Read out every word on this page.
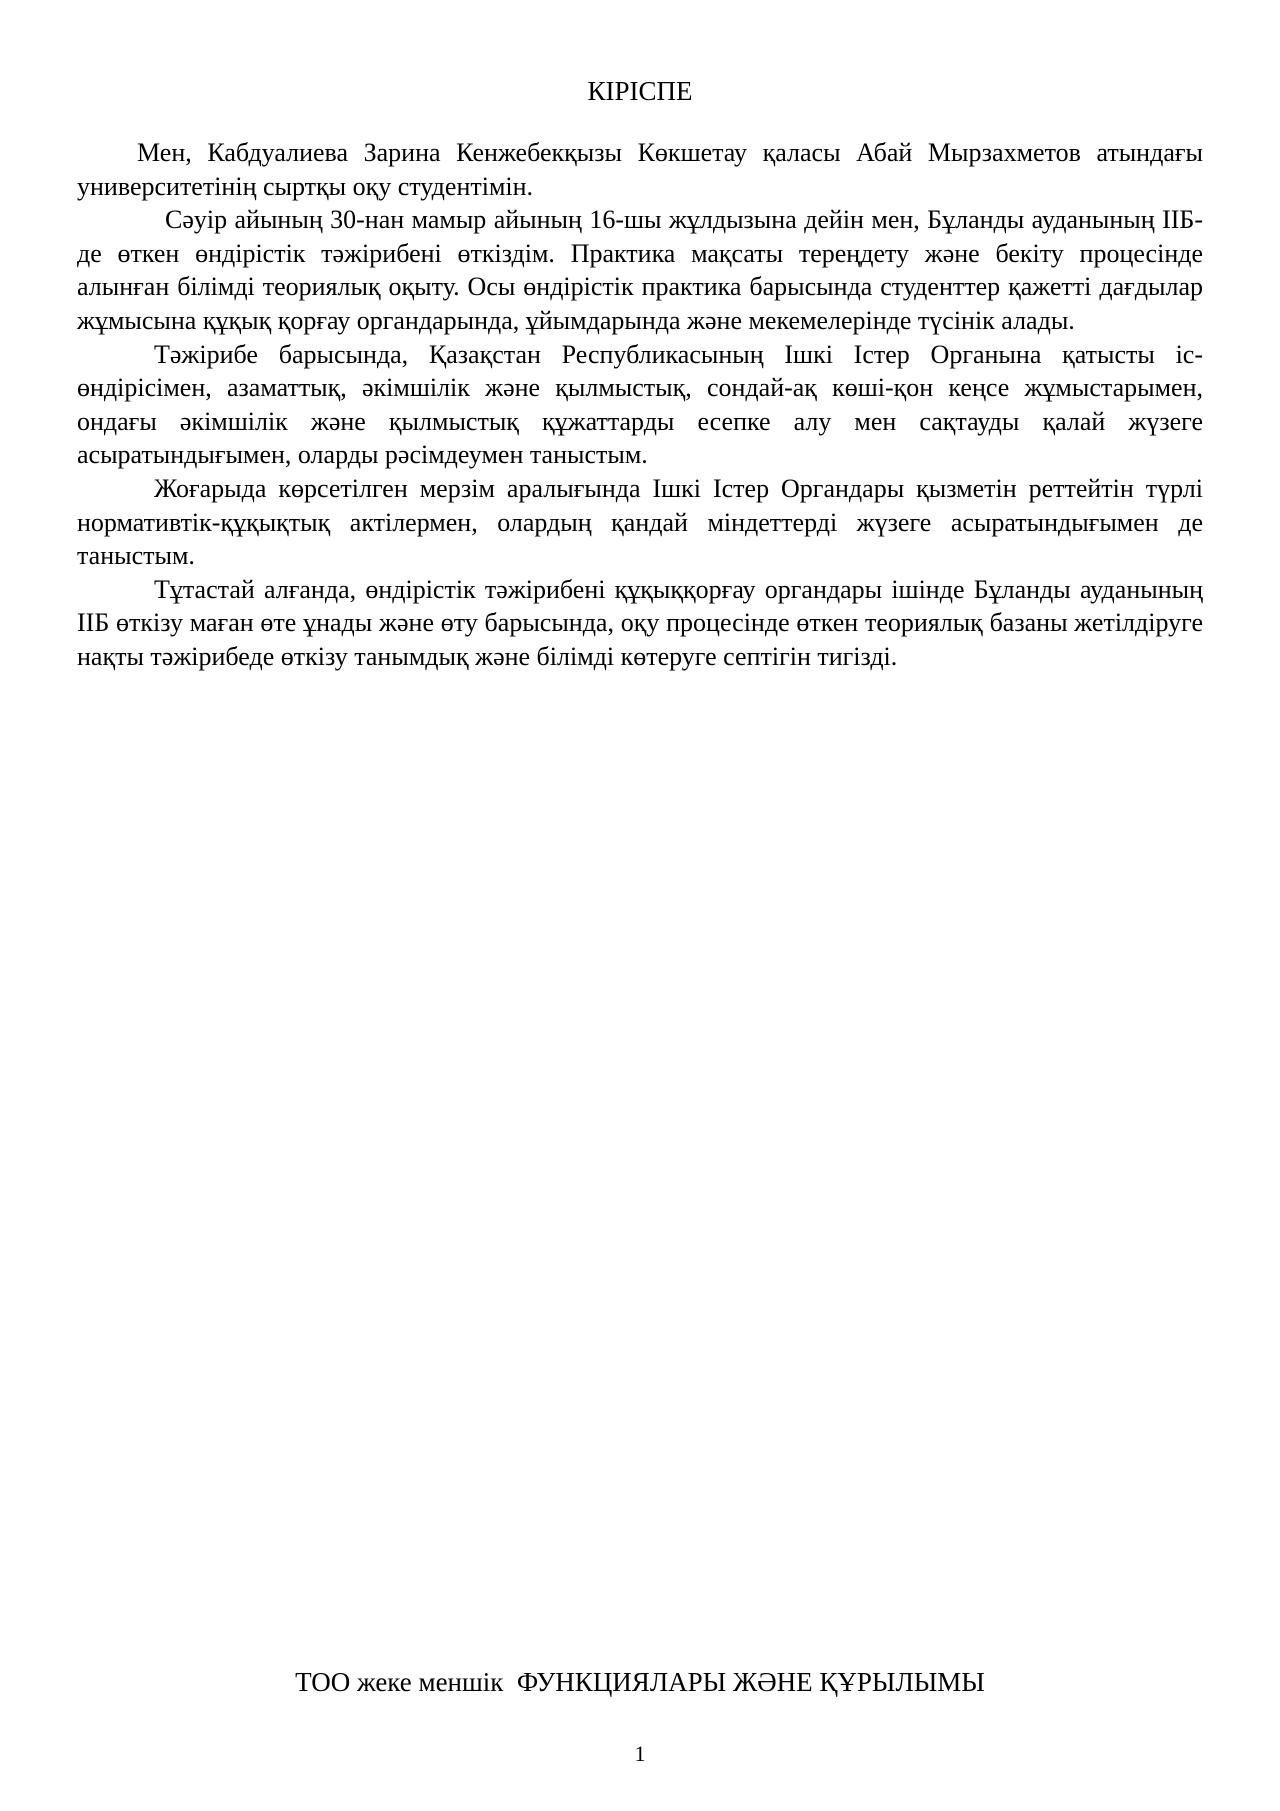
КІРІСПЕ

Мен, Кабдуалиева Зарина Кенжебекқызы Көкшетау қаласы Абай Мырзахметов атындағы университетінің сыртқы оқу студентімін.

Сәуір айының 30-нан мамыр айының 16-шы жұлдызына дейін мен, Бұланды ауданының ІІБ-де өткен өндірістік тәжірибені өткіздім. Практика мақсаты тереңдету және бекіту процесінде алынған білімді теориялық оқыту. Осы өндірістік практика барысында студенттер қажетті дағдылар жұмысына құқық қорғау органдарында, ұйымдарында және мекемелерінде түсінік алады.

Тәжірибе барысында, Қазақстан Республикасының Ішкі Істер Органына қатысты іс-өндірісімен, азаматтық, әкімшілік және қылмыстық, сондай-ақ көші-қон кеңсе жұмыстарымен, ондағы әкімшілік және қылмыстық құжаттарды есепке алу мен сақтауды қалай жүзеге асыратындығымен, оларды рәсімдеумен таныстым.

Жоғарыда көрсетілген мерзім аралығында Ішкі Істер Органдары қызметін реттейтін түрлі нормативтік-құқықтық актілермен, олардың қандай міндеттерді жүзеге асыратындығымен де таныстым.

Тұтастай алғанда, өндірістік тәжірибені құқыққорғау органдары ішінде Бұланды ауданының ІІБ өткізу маған өте ұнады және өту барысында, оқу процесінде өткен теориялық базаны жетілдіруге нақты тәжірибеде өткізу танымдық және білімді көтеруге септігін тигізді.

ТОО жеке меншік  ФУНКЦИЯЛАРЫ ЖӘНЕ ҚҰРЫЛЫМЫ

1
